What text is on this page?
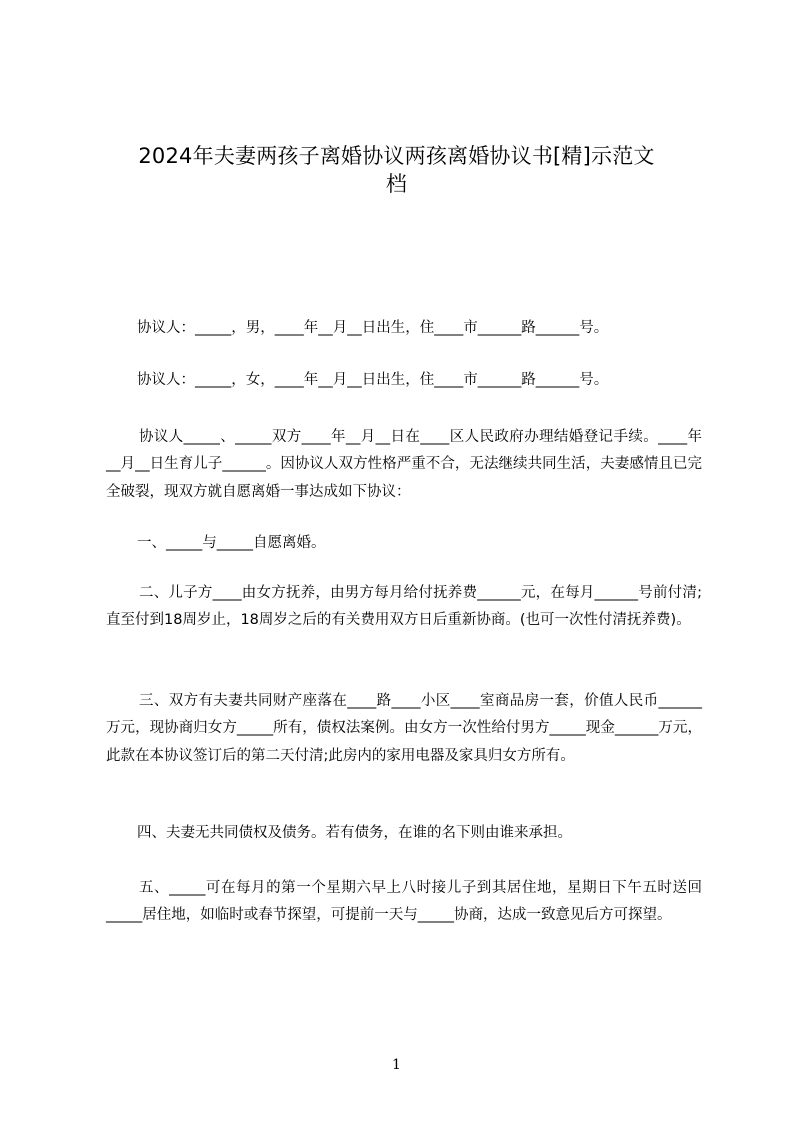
2024年夫妻两孩子离婚协议两孩离婚协议书[精]示范文
档
协议人：_____，男，____年__月__日出生，住____市______路______号。
协议人：_____，女，____年__月__日出生，住____市______路______号。
协议人_____、_____双方____年__月__日在____区人民政府办理结婚登记手续。____年__月__日生育儿子______。因协议人双方性格严重不合，无法继续共同生活，夫妻感情且已完全破裂，现双方就自愿离婚一事达成如下协议：
一、_____与_____自愿离婚。
二、儿子方____由女方抚养，由男方每月给付抚养费______元，在每月______号前付清;直至付到18周岁止，18周岁之后的有关费用双方日后重新协商。(也可一次性付清抚养费)。
三、双方有夫妻共同财产座落在____路____小区____室商品房一套，价值人民币______万元，现协商归女方_____所有，债权法案例。由女方一次性给付男方_____现金______万元，此款在本协议签订后的第二天付清;此房内的家用电器及家具归女方所有。
四、夫妻无共同债权及债务。若有债务，在谁的名下则由谁来承担。
五、_____可在每月的第一个星期六早上八时接儿子到其居住地，星期日下午五时送回_____居住地，如临时或春节探望，可提前一天与_____协商，达成一致意见后方可探望。
1
